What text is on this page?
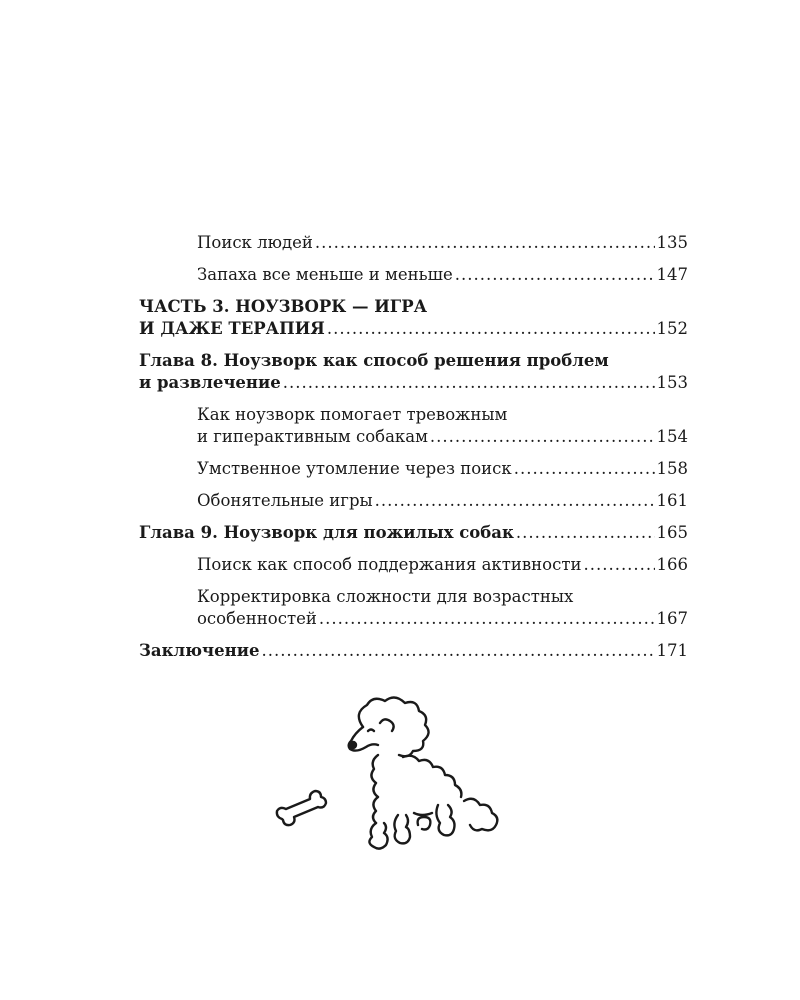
Поиск людей .....	135
Запаха все меньше и меньше .....	147
ЧАСТЬ 3. НОУЗВОРК — ИГРА
И ДАЖЕ ТЕРАПИЯ .....	152
Глава 8. Ноузворк как способ решения проблем
и развлечение .....	153
Как ноузворк помогает тревожным
и гиперактивным собакам .....	154
Умственное утомление через поиск .....	158
Обонятельные игры .....	161
Глава 9. Ноузворк для пожилых собак .....	165
Поиск как способ поддержания активности .....	166
Корректировка сложности для возрастных
особенностей .....	167
Заключение .....	171
